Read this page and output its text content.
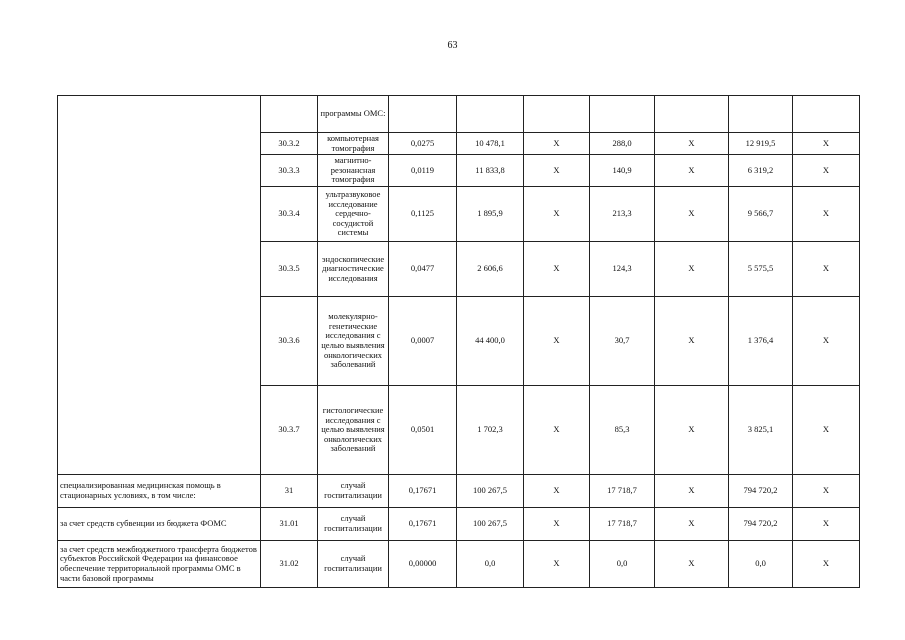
63
		программы ОМС:							
	30.3.2	компьютерная томография	0,0275	10 478,1	X	288,0	X	12 919,5	X
	30.3.3	магнитно-резонансная томография	0,0119	11 833,8	X	140,9	X	6 319,2	X
	30.3.4	ультразвуковое исследование сердечно-сосудистой системы	0,1125	1 895,9	X	213,3	X	9 566,7	X
	30.3.5	эндоскопические диагностические исследования	0,0477	2 606,6	X	124,3	X	5 575,5	X
	30.3.6	молекулярно-генетические исследования с целью выявления онкологических заболеваний	0,0007	44 400,0	X	30,7	X	1 376,4	X
	30.3.7	гистологические исследования с целью выявления онкологических заболеваний	0,0501	1 702,3	X	85,3	X	3 825,1	X
специализированная медицинская помощь в стационарных условиях, в том числе:	31	случай госпитализации	0,17671	100 267,5	X	17 718,7	X	794 720,2	X
за счет средств субвенции из бюджета ФОМС	31.01	случай госпитализации	0,17671	100 267,5	X	17 718,7	X	794 720,2	X
за счет средств межбюджетного трансферта бюджетов субъектов Российской Федерации на финансовое обеспечение территориальной программы ОМС в части базовой программы	31.02	случай госпитализации	0,00000	0,0	X	0,0	X	0,0	X
